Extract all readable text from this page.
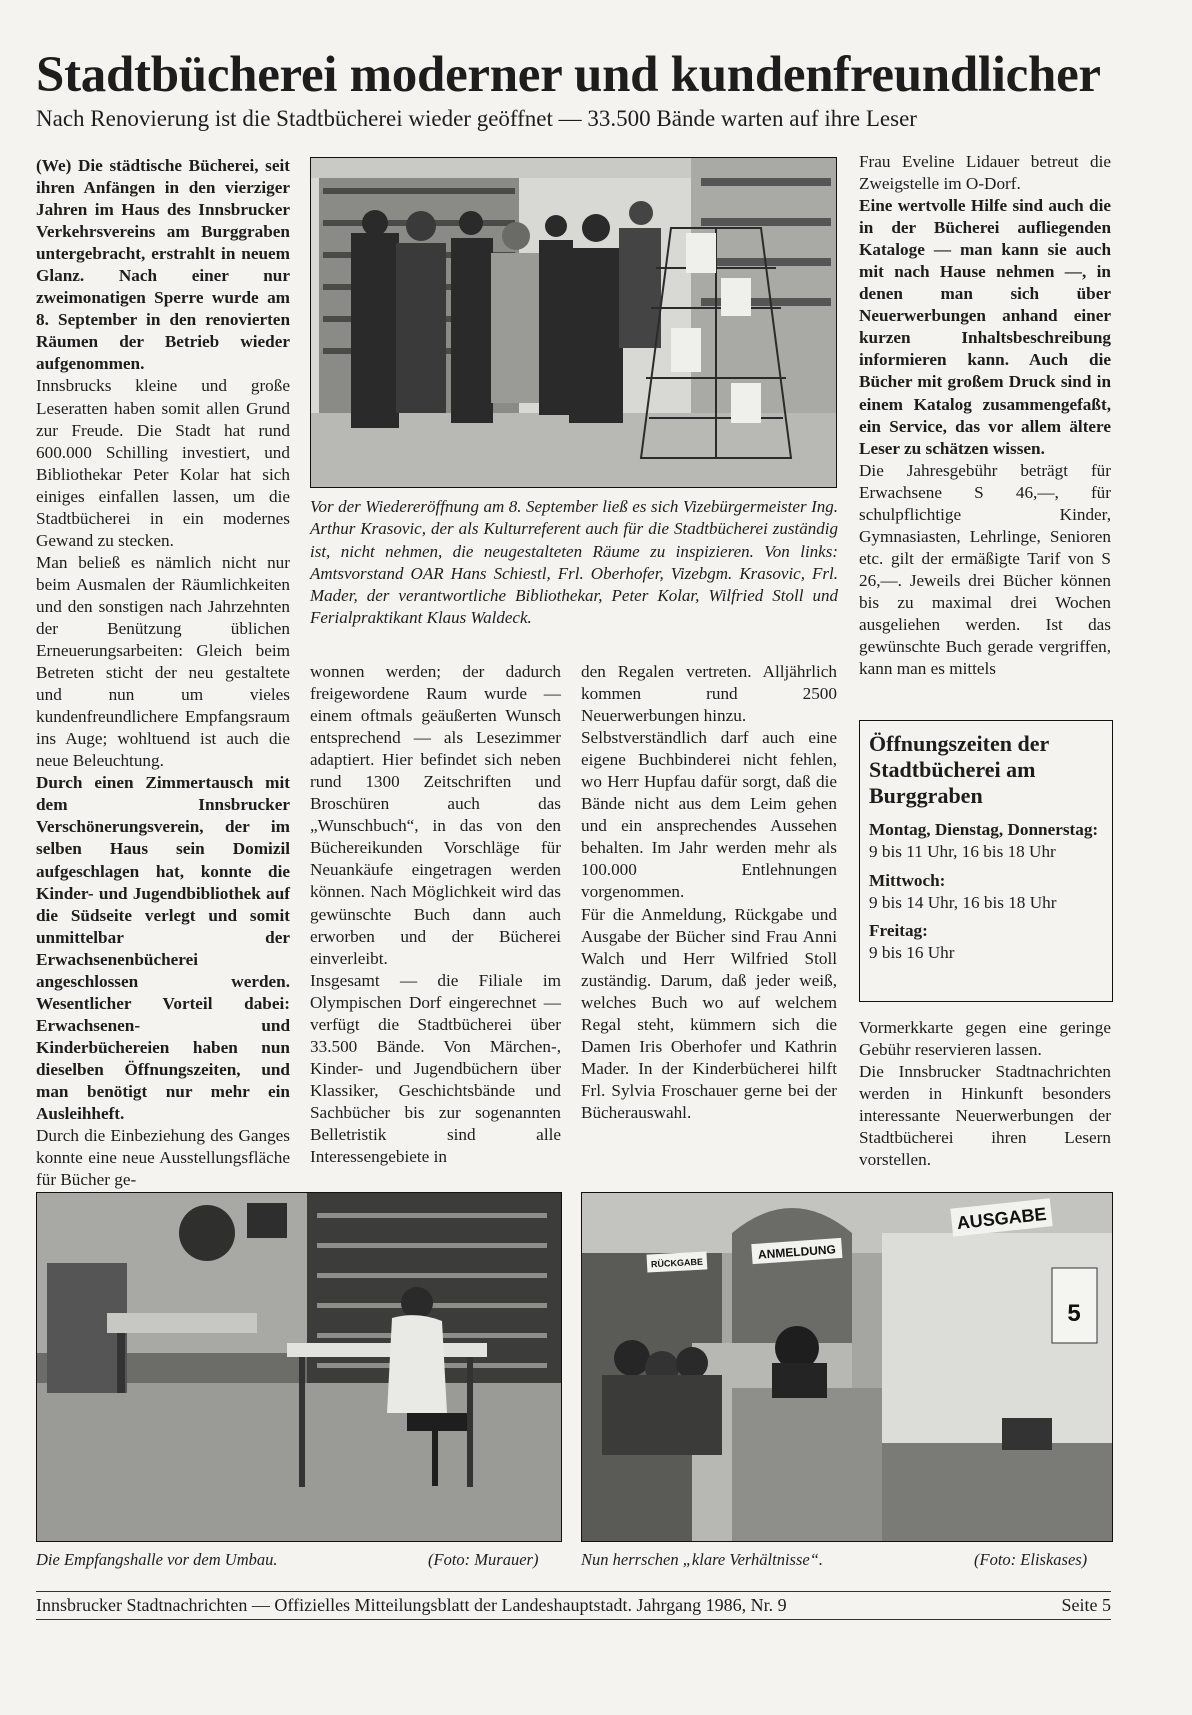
Stadtbücherei moderner und kundenfreundlicher
Nach Renovierung ist die Stadtbücherei wieder geöffnet — 33.500 Bände warten auf ihre Leser

(We) Die städtische Bücherei, seit ihren Anfängen in den vierziger Jahren im Haus des Innsbrucker Verkehrsvereins am Burggraben untergebracht, erstrahlt in neuem Glanz. Nach einer nur zweimonatigen Sperre wurde am 8. September in den renovierten Räumen der Betrieb wieder aufgenommen.

Innsbrucks kleine und große Leseratten haben somit allen Grund zur Freude. Die Stadt hat rund 600.000 Schilling investiert, und Bibliothekar Peter Kolar hat sich einiges einfallen lassen, um die Stadtbücherei in ein modernes Gewand zu stecken.

Man beließ es nämlich nicht nur beim Ausmalen der Räumlichkeiten und den sonstigen nach Jahrzehnten der Benützung üblichen Erneuerungsarbeiten: Gleich beim Betreten sticht der neu gestaltete und nun um vieles kundenfreundlichere Empfangsraum ins Auge; wohltuend ist auch die neue Beleuchtung.

Durch einen Zimmertausch mit dem Innsbrucker Verschönerungsverein, der im selben Haus sein Domizil aufgeschlagen hat, konnte die Kinder- und Jugendbibliothek auf die Südseite verlegt und somit unmittelbar der Erwachsenenbücherei angeschlossen werden. Wesentlicher Vorteil dabei: Erwachsenen- und Kinderbüchereien haben nun dieselben Öffnungszeiten, und man benötigt nur mehr ein Ausleihheft.

Durch die Einbeziehung des Ganges konnte eine neue Ausstellungsfläche für Bücher ge-

Vor der Wiedereröffnung am 8. September ließ es sich Vizebürgermeister Ing. Arthur Krasovic, der als Kulturreferent auch für die Stadtbücherei zuständig ist, nicht nehmen, die neugestalteten Räume zu inspizieren. Von links: Amtsvorstand OAR Hans Schiestl, Frl. Oberhofer, Vizebgm. Krasovic, Frl. Mader, der verantwortliche Bibliothekar, Peter Kolar, Wilfried Stoll und Ferialpraktikant Klaus Waldeck.

wonnen werden; der dadurch freigewordene Raum wurde — einem oftmals geäußerten Wunsch entsprechend — als Lesezimmer adaptiert. Hier befindet sich neben rund 1300 Zeitschriften und Broschüren auch das „Wunschbuch“, in das von den Büchereikunden Vorschläge für Neuankäufe eingetragen werden können. Nach Möglichkeit wird das gewünschte Buch dann auch erworben und der Bücherei einverleibt.

Insgesamt — die Filiale im Olympischen Dorf eingerechnet — verfügt die Stadtbücherei über 33.500 Bände. Von Märchen-, Kinder- und Jugendbüchern über Klassiker, Geschichtsbände und Sachbücher bis zur sogenannten Belletristik sind alle Interessengebiete in

den Regalen vertreten. Alljährlich kommen rund 2500 Neuerwerbungen hinzu.

Selbstverständlich darf auch eine eigene Buchbinderei nicht fehlen, wo Herr Hupfau dafür sorgt, daß die Bände nicht aus dem Leim gehen und ein ansprechendes Aussehen behalten. Im Jahr werden mehr als 100.000 Entlehnungen vorgenommen.

Für die Anmeldung, Rückgabe und Ausgabe der Bücher sind Frau Anni Walch und Herr Wilfried Stoll zuständig. Darum, daß jeder weiß, welches Buch wo auf welchem Regal steht, kümmern sich die Damen Iris Oberhofer und Kathrin Mader. In der Kinderbücherei hilft Frl. Sylvia Froschauer gerne bei der Bücherauswahl.

Frau Eveline Lidauer betreut die Zweigstelle im O-Dorf.

Eine wertvolle Hilfe sind auch die in der Bücherei aufliegenden Kataloge — man kann sie auch mit nach Hause nehmen —, in denen man sich über Neuerwerbungen anhand einer kurzen Inhaltsbeschreibung informieren kann. Auch die Bücher mit großem Druck sind in einem Katalog zusammengefaßt, ein Service, das vor allem ältere Leser zu schätzen wissen.

Die Jahresgebühr beträgt für Erwachsene S 46,—, für schulpflichtige Kinder, Gymnasiasten, Lehrlinge, Senioren etc. gilt der ermäßigte Tarif von S 26,—. Jeweils drei Bücher können bis zu maximal drei Wochen ausgeliehen werden. Ist das gewünschte Buch gerade vergriffen, kann man es mittels

Öffnungszeiten der Stadtbücherei am Burggraben
Montag, Dienstag, Donnerstag:
9 bis 11 Uhr, 16 bis 18 Uhr
Mittwoch:
9 bis 14 Uhr, 16 bis 18 Uhr
Freitag:
9 bis 16 Uhr

Vormerkkarte gegen eine geringe Gebühr reservieren lassen.

Die Innsbrucker Stadtnachrichten werden in Hinkunft besonders interessante Neuerwerbungen der Stadtbücherei ihren Lesern vorstellen.

AUSGABE
ANMELDUNG
RÜCKGABE
5
Die Empfangshalle vor dem Umbau.	(Foto: Murauer)	Nun herrschen „klare Verhältnisse“.	(Foto: Eliskases)
Innsbrucker Stadtnachrichten — Offizielles Mitteilungsblatt der Landeshauptstadt. Jahrgang 1986, Nr. 9	Seite 5
